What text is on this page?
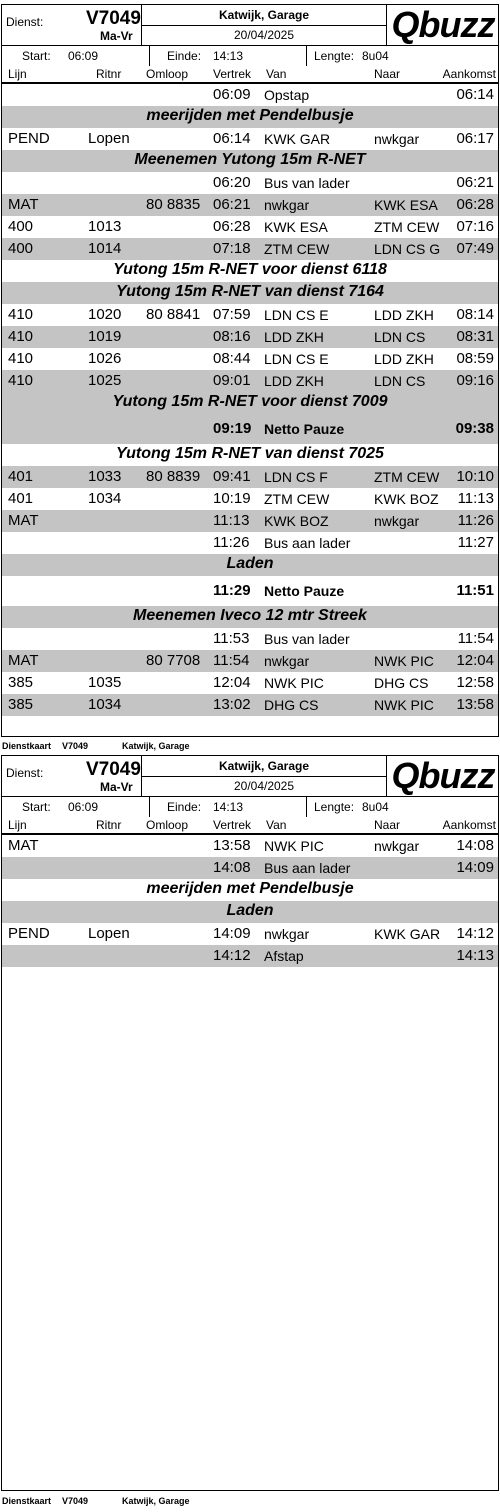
Dienst: V7049
Ma-Vr
Katwijk, Garage
20/04/2025	Qbuzz
Start: 06:09	Einde: 14:13	Lengte: 8u04
Lijn	Ritnr Omloop Vertrek Van	Naar	Aankomst
06:09 Opstap	06:14
meerijden met Pendelbusje
PEND	Lopen	06:14 KWK GAR	nwkgar 06:17
Meenemen Yutong 15m R-NET
06:20 Bus van lader	06:21
MAT	80 8835 06:21 nwkgar	KWK ESA 06:28
400	1013	06:28 KWK ESA	ZTM CEW 07:16
400	1014	07:18 ZTM CEW	LDN CS G 07:49
Yutong 15m R-NET voor dienst 6118
Yutong 15m R-NET van dienst 7164
410	1020 80 8841 07:59 LDN CS E	LDD ZKH 08:14
410	1019	08:16 LDD ZKH	LDN CS 08:31
410	1026	08:44 LDN CS E	LDD ZKH 08:59
410	1025	09:01 LDD ZKH	LDN CS 09:16
Yutong 15m R-NET voor dienst 7009
09:19 Netto Pauze	09:38
Yutong 15m R-NET van dienst 7025
401	1033 80 8839 09:41 LDN CS F	ZTM CEW 10:10
401	1034	10:19 ZTM CEW	KWK BOZ 11:13
MAT	11:13 KWK BOZ	nwkgar	11:26
11:26 Bus aan lader	11:27
Laden
11:29 Netto Pauze	11:51
Meenemen Iveco 12 mtr Streek
11:53 Bus van lader	11:54
MAT	80 7708 11:54 nwkgar	NWK PIC 12:04
385	1035	12:04 NWK PIC	DHG CS 12:58
385	1034	13:02 DHG CS	NWK PIC 13:58
Dienstkaart V7049	Katwijk, Garage
Dienst: V7049
Ma-Vr
Katwijk, Garage
20/04/2025	Qbuzz
Start: 06:09	Einde: 14:13	Lengte: 8u04
Lijn	Ritnr Omloop Vertrek Van	Naar	Aankomst
MAT	13:58 NWK PIC	nwkgar 14:08
14:08 Bus aan lader	14:09
meerijden met Pendelbusje
Laden
PEND	Lopen	14:09 nwkgar	KWK GAR 14:12
14:12 Afstap	14:13
Dienstkaart V7049	Katwijk, Garage
